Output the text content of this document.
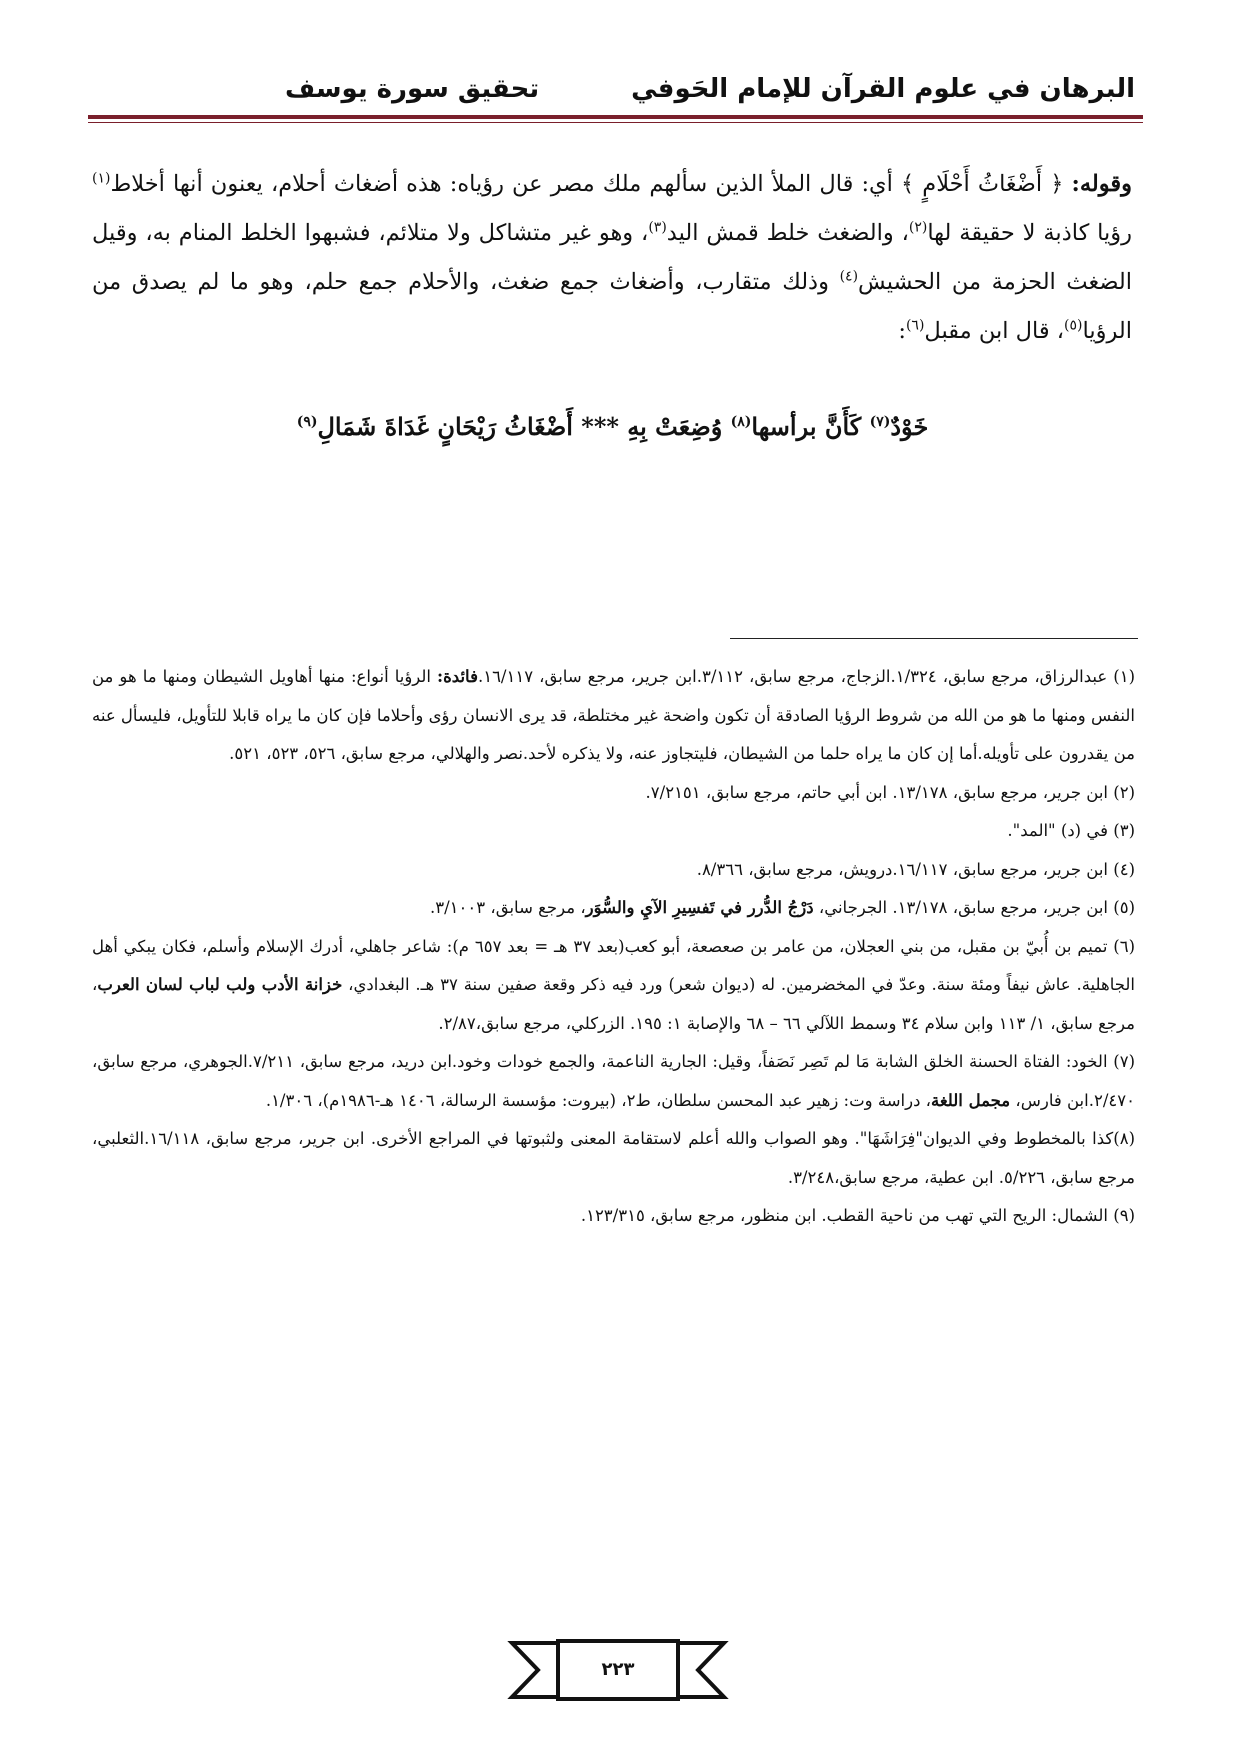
البرهان في علوم القرآن للإمام الحَوفي
تحقيق سورة يوسف
وقوله: ﴿ أَضْغَاثُ أَحْلَامٍ ﴾ أي: قال الملأ الذين سألهم ملك مصر عن رؤياه: هذه أضغاث أحلام، يعنون أنها أخلاط$^{(١)}$ رؤيا كاذبة لا حقيقة لها$^{(٢)}$، والضغث خلط قمش اليد$^{(٣)}$، وهو غير متشاكل ولا متلائم، فشبهوا الخلط المنام به، وقيل الضغث الحزمة من الحشيش$^{(٤)}$ وذلك متقارب، وأضغاث جمع ضغث، والأحلام جمع حلم، وهو ما لم يصدق من الرؤيا$^{(٥)}$، قال ابن مقبل$^{(٦)}$:
خَوْدٌ$^{(٧)}$ كَأَنَّ برأسها$^{(٨)}$ وُضِعَتْ بِهِ *** أَضْغَاثُ رَيْحَانٍ غَدَاةَ شَمَالِ$^{(٩)}$

(١) عبدالرزاق، مرجع سابق، ١/٣٢٤.الزجاج، مرجع سابق، ٣/١١٢.ابن جرير، مرجع سابق، ١٦/١١٧.فائدة: الرؤيا أنواع: منها أهاويل الشيطان ومنها ما هو من النفس ومنها ما هو من الله من شروط الرؤيا الصادقة أن تكون واضحة غير مختلطة، قد يرى الانسان رؤى وأحلاما فإن كان ما يراه قابلا للتأويل، فليسأل عنه من يقدرون على تأويله.أما إن كان ما يراه حلما من الشيطان، فليتجاوز عنه، ولا يذكره لأحد.نصر والهلالي، مرجع سابق، ٥٢٦، ٥٢٣، ٥٢١.

(٢) ابن جرير، مرجع سابق، ١٣/١٧٨. ابن أبي حاتم، مرجع سابق، ٧/٢١٥١.

(٣) في (د) "المد".

(٤) ابن جرير، مرجع سابق، ١٦/١١٧.درويش، مرجع سابق، ٨/٣٦٦.

(٥) ابن جرير، مرجع سابق، ١٣/١٧٨. الجرجاني، دَرْجُ الدُّرر في تَفسِيرِ الآيِ والسُّوَر، مرجع سابق، ٣/١٠٠٣.

(٦) تميم بن أُبيّ بن مقبل، من بني العجلان، من عامر بن صعصعة، أبو كعب(بعد ٣٧ هـ = بعد ٦٥٧ م): شاعر جاهلي، أدرك الإسلام وأسلم، فكان يبكي أهل الجاهلية. عاش نيفاً ومئة سنة. وعدّ في المخضرمين. له (ديوان شعر) ورد فيه ذكر وقعة صفين سنة ٣٧ هـ. البغدادي، خزانة الأدب ولب لباب لسان العرب، مرجع سابق، ١/ ١١٣ وابن سلام ٣٤ وسمط اللآلي ٦٦ – ٦٨ والإصابة ١: ١٩٥. الزركلي، مرجع سابق،٢/٨٧.

(٧) الخود: الفتاة الحسنة الخلق الشابة مَا لم تَصِر نَصَفاً، وقيل: الجارية الناعمة، والجمع خودات وخود.ابن دريد، مرجع سابق، ٧/٢١١.الجوهري، مرجع سابق، ٢/٤٧٠.ابن فارس، مجمل اللغة، دراسة وت: زهير عبد المحسن سلطان، ط٢، (بيروت: مؤسسة الرسالة، ١٤٠٦ هـ-١٩٨٦م)، ١/٣٠٦.

(٨)كذا بالمخطوط وفي الديوان"فِرَاشَهَا". وهو الصواب والله أعلم لاستقامة المعنى ولثبوتها في المراجع الأخرى. ابن جرير، مرجع سابق، ١٦/١١٨.الثعلبي، مرجع سابق، ٥/٢٢٦. ابن عطية، مرجع سابق،٣/٢٤٨.

(٩) الشمال: الريح التي تهب من ناحية القطب. ابن منظور، مرجع سابق، ١٢٣/٣١٥.

٢٢٣
